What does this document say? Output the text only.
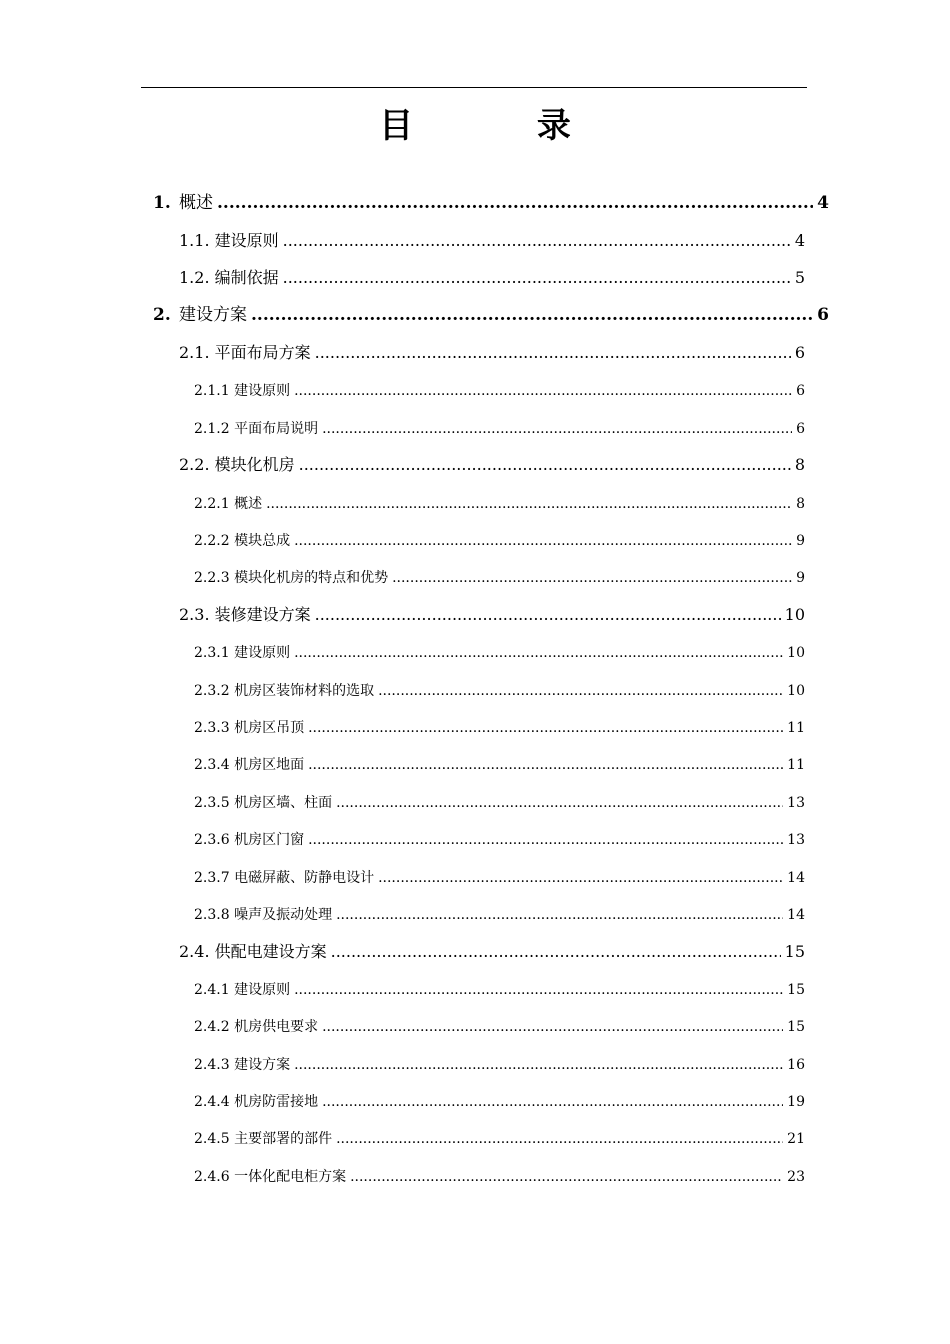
目 录
1. 概述 .....	4
1.1. 建设原则 .....	4
1.2. 编制依据 .....	5
2. 建设方案 .....	6
2.1. 平面布局方案 .....	6
2.1.1 建设原则 .....	6
2.1.2 平面布局说明 .....	6
2.2. 模块化机房 .....	8
2.2.1 概述 .....	8
2.2.2 模块总成 .....	9
2.2.3 模块化机房的特点和优势 .....	9
2.3. 装修建设方案 .....	10
2.3.1 建设原则 .....	10
2.3.2 机房区装饰材料的选取 .....	10
2.3.3 机房区吊顶 .....	11
2.3.4 机房区地面 .....	11
2.3.5 机房区墙、柱面 .....	13
2.3.6 机房区门窗 .....	13
2.3.7 电磁屏蔽、防静电设计 .....	14
2.3.8 噪声及振动处理 .....	14
2.4. 供配电建设方案 .....	15
2.4.1 建设原则 .....	15
2.4.2 机房供电要求 .....	15
2.4.3 建设方案 .....	16
2.4.4 机房防雷接地 .....	19
2.4.5 主要部署的部件 .....	21
2.4.6 一体化配电柜方案 .....	23
